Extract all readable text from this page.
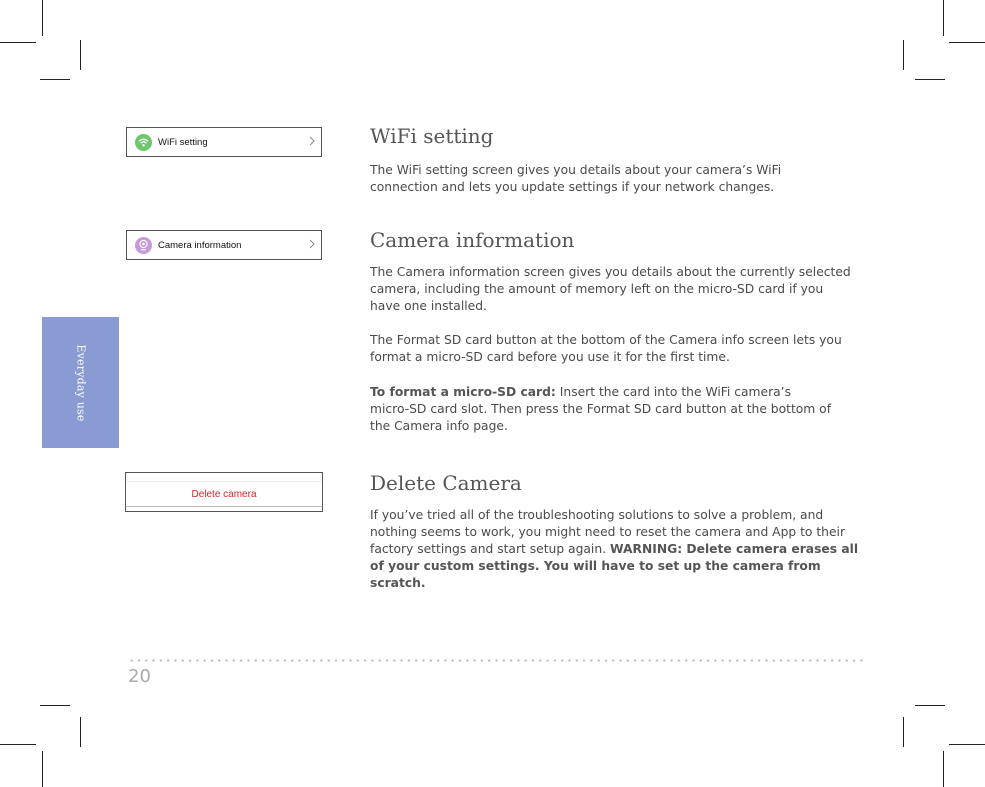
Everyday use
WiFi setting
Camera information
Delete camera
WiFi setting

The WiFi setting screen gives you details about your camera’s WiFi connection and lets you update settings if your network changes.

Camera information

The Camera information screen gives you details about the currently selected camera, including the amount of memory left on the micro-SD card if you have one installed.

The Format SD card button at the bottom of the Camera info screen lets you format a micro-SD card before you use it for the first time.

To format a micro-SD card: Insert the card into the WiFi camera’s micro-SD card slot. Then press the Format SD card button at the bottom of the Camera info page.

Delete Camera

If you’ve tried all of the troubleshooting solutions to solve a problem, and nothing seems to work, you might need to reset the camera and App to their factory settings and start setup again. WARNING: Delete camera erases all of your custom settings. You will have to set up the camera from scratch.

20
